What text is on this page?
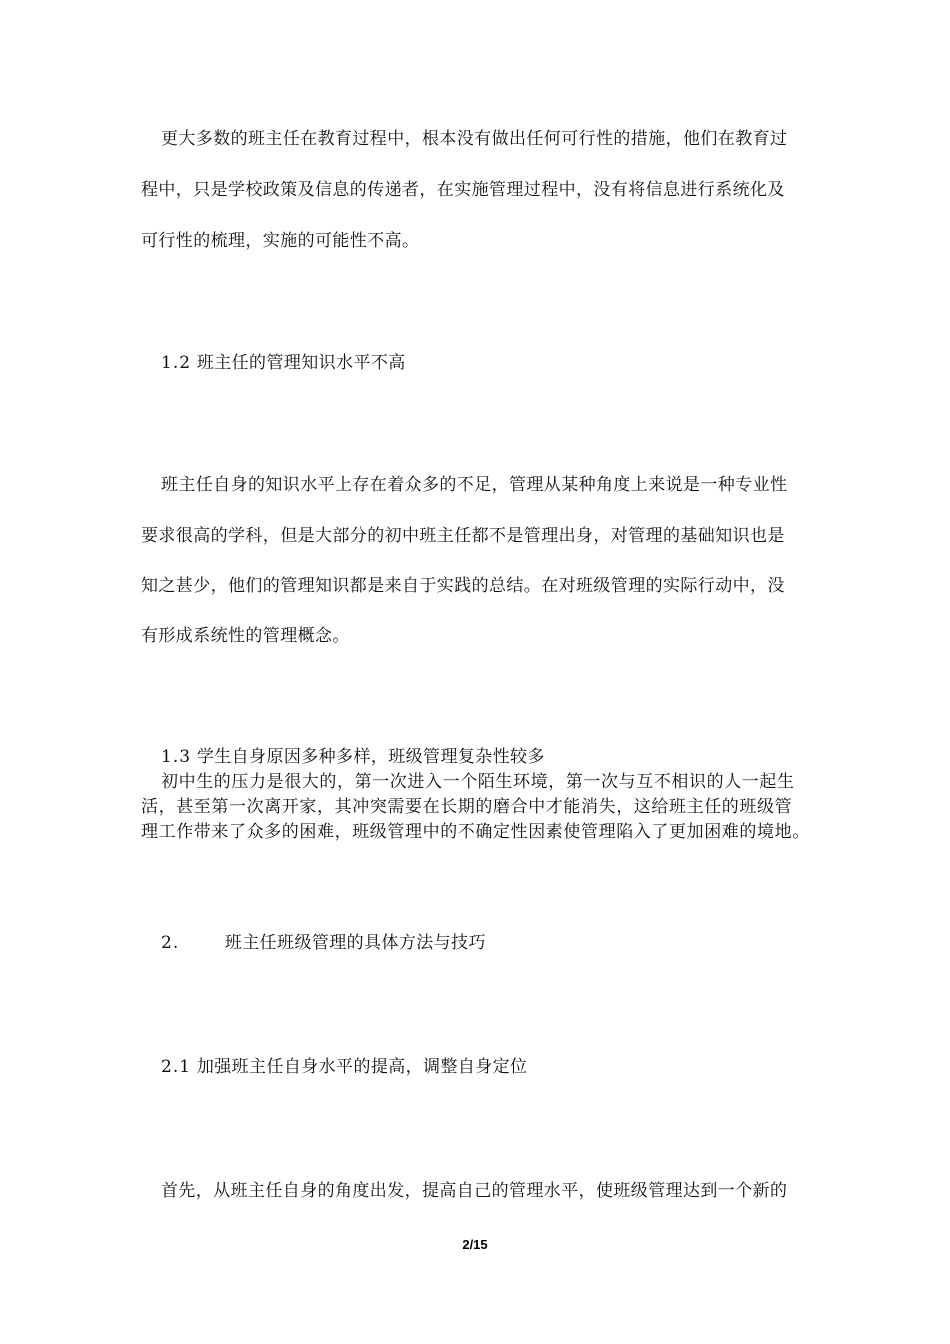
更大多数的班主任在教育过程中，根本没有做出任何可行性的措施，他们在教育过
程中，只是学校政策及信息的传递者，在实施管理过程中，没有将信息进行系统化及
可行性的梳理，实施的可能性不高。
1.2 班主任的管理知识水平不高
班主任自身的知识水平上存在着众多的不足，管理从某种角度上来说是一种专业性
要求很高的学科，但是大部分的初中班主任都不是管理出身，对管理的基础知识也是
知之甚少，他们的管理知识都是来自于实践的总结。在对班级管理的实际行动中，没
有形成系统性的管理概念。
1.3 学生自身原因多种多样，班级管理复杂性较多
初中生的压力是很大的，第一次进入一个陌生环境，第一次与互不相识的人一起生
活，甚至第一次离开家，其冲突需要在长期的磨合中才能消失，这给班主任的班级管
理工作带来了众多的困难，班级管理中的不确定性因素使管理陷入了更加困难的境地。
2.	班主任班级管理的具体方法与技巧
2.1 加强班主任自身水平的提高，调整自身定位
首先，从班主任自身的角度出发，提高自己的管理水平，使班级管理达到一个新的
2/15
